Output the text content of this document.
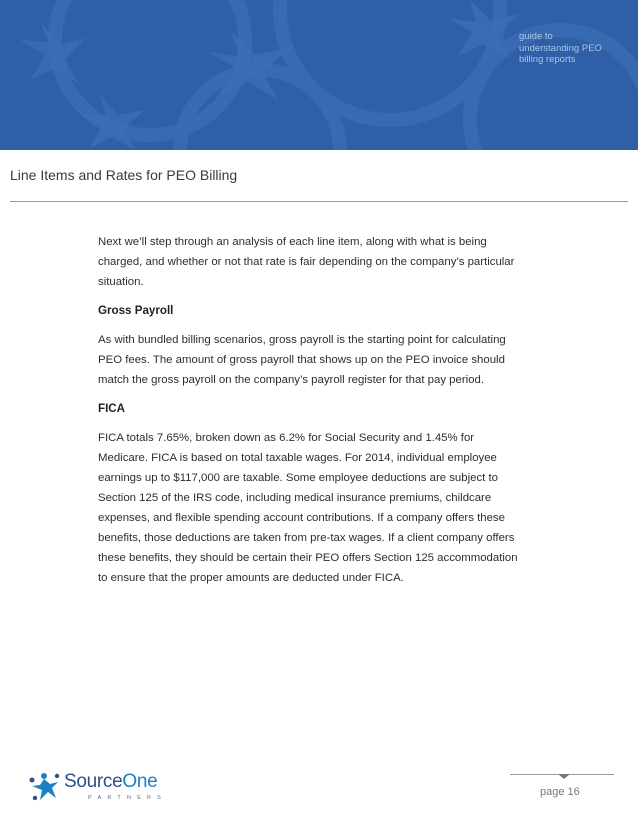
guide to
understanding PEO
billing reports
Line Items and Rates for PEO Billing

Next we’ll step through an analysis of each line item, along with what is being charged, and whether or not that rate is fair depending on the company’s particular situation.

Gross Payroll

As with bundled billing scenarios, gross payroll is the starting point for calculating PEO fees. The amount of gross payroll that shows up on the PEO invoice should match the gross payroll on the company’s payroll register for that pay period.

FICA

FICA totals 7.65%, broken down as 6.2% for Social Security and 1.45% for Medicare. FICA is based on total taxable wages. For 2014, individual employee earnings up to $117,000 are taxable. Some employee deductions are subject to Section 125 of the IRS code, including medical insurance premiums, childcare expenses, and flexible spending account contributions. If a company offers these benefits, those deductions are taken from pre-tax wages. If a client company offers these benefits, they should be certain their PEO offers Section 125 accommodation to ensure that the proper amounts are deducted under FICA.

SourceOne
PARTNERS	page 16
